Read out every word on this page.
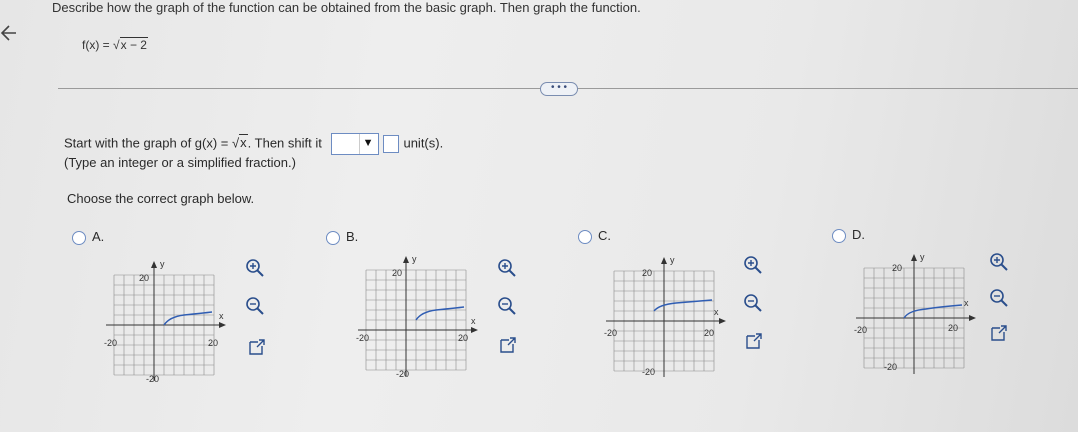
Describe how the graph of the function can be obtained from the basic graph. Then graph the function.
f(x) = √x − 2
• • •
Start with the graph of g(x) = √x. Then shift it	▼ unit(s).
(Type an integer or a simplified fraction.)
Choose the correct graph below.
A.	B.	C.	D.
y
x
20
-20	20
-20
y
x
20
-20	20
-20
y
x
20
-20	20
-20
y
x
20
-20	20
-20
